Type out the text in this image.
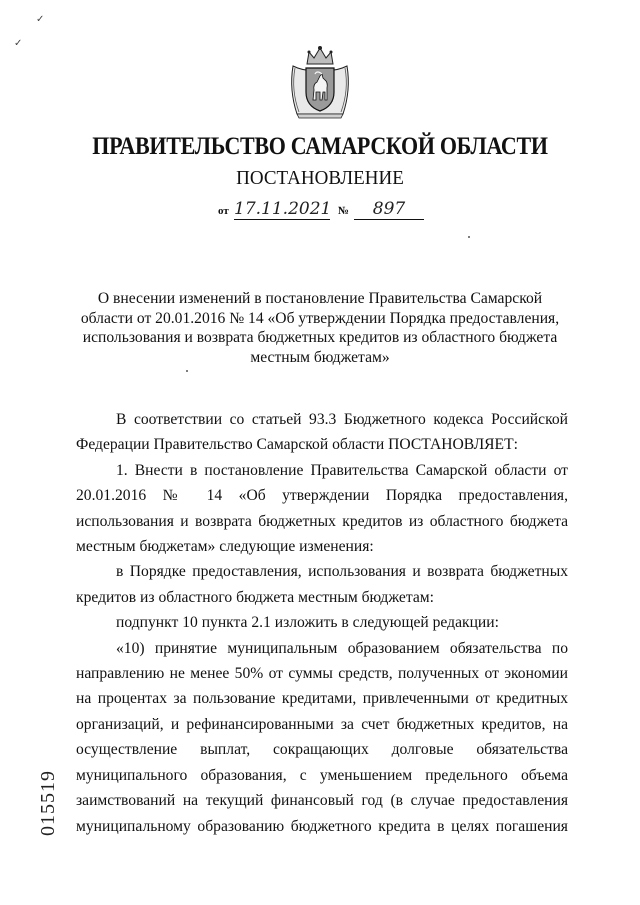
✓
✓
ПРАВИТЕЛЬСТВО САМАРСКОЙ ОБЛАСТИ
ПОСТАНОВЛЕНИЕ
от 17.11.2021 №	897
О внесении изменений в постановление Правительства Самарской области от 20.01.2016 № 14 «Об утверждении Порядка предоставления, использования и возврата бюджетных кредитов из областного бюджета местным бюджетам»

В соответствии со статьей 93.3 Бюджетного кодекса Российской Федерации Правительство Самарской области ПОСТАНОВЛЯЕТ:

1. Внести в постановление Правительства Самарской области от 20.01.2016 № 14 «Об утверждении Порядка предоставления, использования и возврата бюджетных кредитов из областного бюджета местным бюджетам» следующие изменения:

в Порядке предоставления, использования и возврата бюджетных кредитов из областного бюджета местным бюджетам:

подпункт 10 пункта 2.1 изложить в следующей редакции:

«10) принятие муниципальным образованием обязательства по направлению не менее 50% от суммы средств, полученных от экономии на процентах за пользование кредитами, привлеченными от кредитных организаций, и рефинансированными за счет бюджетных кредитов, на осуществление выплат, сокращающих долговые обязательства муниципального образования, с уменьшением предельного объема заимствований на текущий финансовый год (в случае предоставления муниципальному образованию бюджетного кредита в целях погашения

015519
